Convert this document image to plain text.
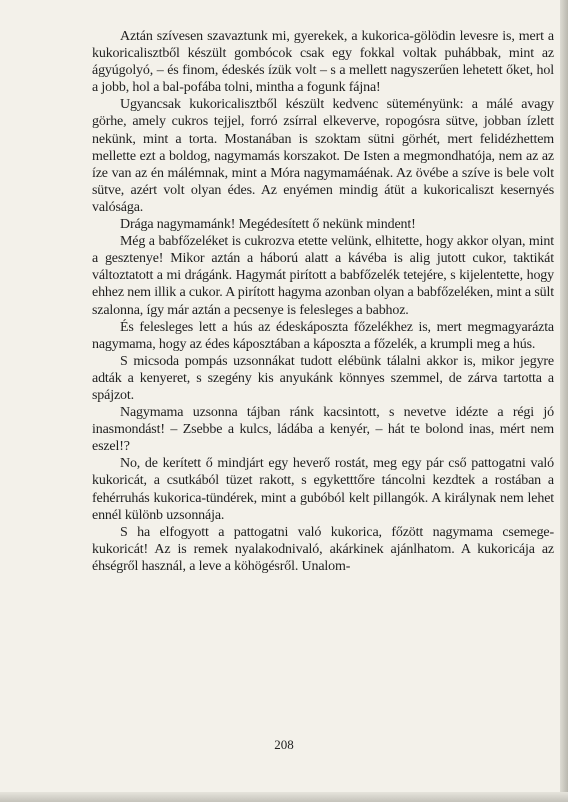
Aztán szívesen szavaztunk mi, gyerekek, a kukorica-gölödin levesre is, mert a kukoricalisztből készült gombócok csak egy fokkal voltak puhábbak, mint az ágyúgolyó, – és finom, édeskés ízük volt – s a mellett nagyszerűen lehetett őket, hol a jobb, hol a bal-pofába tolni, mintha a fogunk fájna!

Ugyancsak kukoricalisztből készült kedvenc süteményünk: a málé avagy görhe, amely cukros tejjel, forró zsírral elkeverve, ropogósra sütve, jobban ízlett nekünk, mint a torta. Mostanában is szoktam sütni görhét, mert felidézhettem mellette ezt a boldog, nagymamás korszakot. De Isten a megmondhatója, nem az az íze van az én málémnak, mint a Móra nagymamáénak. Az övébe a szíve is bele volt sütve, azért volt olyan édes. Az enyémen mindig átüt a kukoricaliszt kesernyés valósága.

Drága nagymamánk! Megédesített ő nekünk mindent!

Még a babfőzeléket is cukrozva etette velünk, elhitette, hogy akkor olyan, mint a gesztenye! Mikor aztán a háború alatt a kávéba is alig jutott cukor, taktikát változtatott a mi drágánk. Hagymát pirított a babfőzelék tetejére, s kijelentette, hogy ehhez nem illik a cukor. A pirított hagyma azonban olyan a babfőzeléken, mint a sült szalonna, így már aztán a pecsenye is felesleges a babhoz.

És felesleges lett a hús az édeskáposzta főzelékhez is, mert megmagyarázta nagymama, hogy az édes káposztában a káposzta a főzelék, a krumpli meg a hús.

S micsoda pompás uzsonnákat tudott elébünk tálalni akkor is, mikor jegyre adták a kenyeret, s szegény kis anyukánk könnyes szemmel, de zárva tartotta a spájzot.

Nagymama uzsonna tájban ránk kacsintott, s nevetve idézte a régi jó inasmondást! – Zsebbe a kulcs, ládába a kenyér, – hát te bolond inas, mért nem eszel!?

No, de kerített ő mindjárt egy heverő rostát, meg egy pár cső pattogatni való kukoricát, a csutkából tüzet rakott, s egyketttőre táncolni kezdtek a rostában a fehérruhás kukorica-tündérek, mint a gubóból kelt pillangók. A királynak nem lehet ennél különb uzsonnája.

S ha elfogyott a pattogatni való kukorica, főzött nagymama csemege-kukoricát! Az is remek nyalakodnivaló, akárkinek ajánlhatom. A kukoricája az éhségről használ, a leve a köhögésről. Unalom-

208
